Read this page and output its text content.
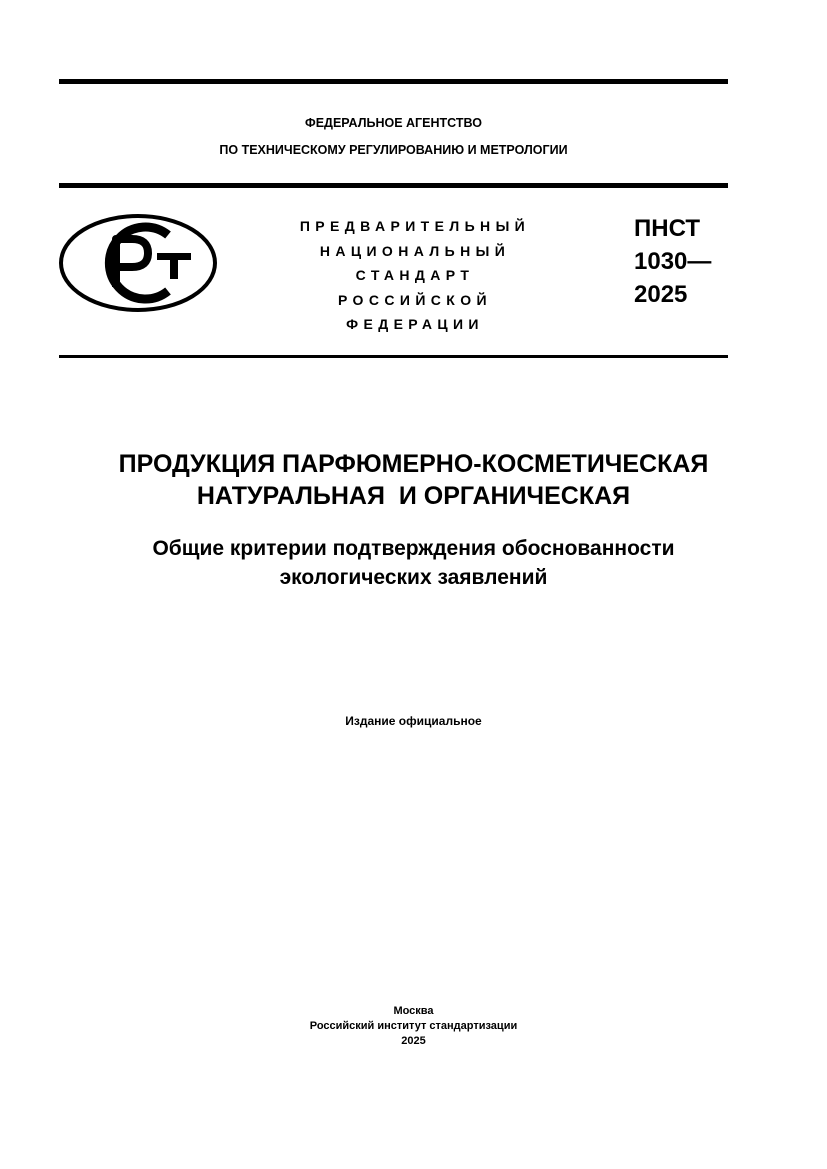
ФЕДЕРАЛЬНОЕ АГЕНТСТВО
ПО ТЕХНИЧЕСКОМУ РЕГУЛИРОВАНИЮ И МЕТРОЛОГИИ
ПРЕДВАРИТЕЛЬНЫЙ
НАЦИОНАЛЬНЫЙ
СТАНДАРТ
РОССИЙСКОЙ
ФЕДЕРАЦИИ
ПНСТ
1030—
2025
ПРОДУКЦИЯ ПАРФЮМЕРНО-КОСМЕТИЧЕСКАЯ
НАТУРАЛЬНАЯ  И ОРГАНИЧЕСКАЯ
Общие критерии подтверждения обоснованности
экологических заявлений
Издание официальное
Москва
Российский институт стандартизации
2025
